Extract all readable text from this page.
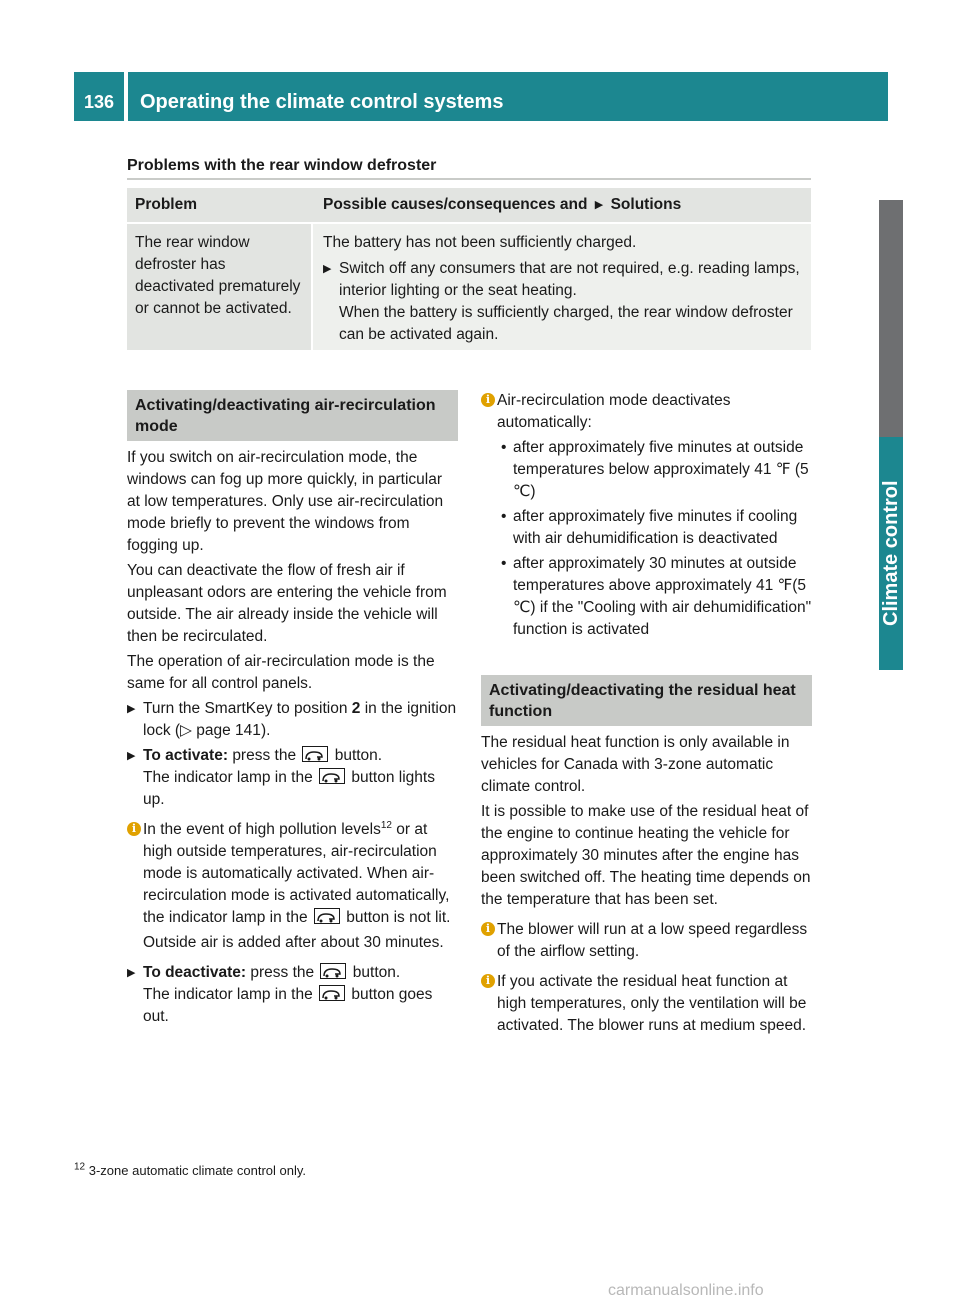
136	Operating the climate control systems
Climate control
Problems with the rear window defroster
Problem	Possible causes/consequences and ▶ Solutions
The rear window defroster has deactivated prematurely or cannot be activated.
The battery has not been sufficiently charged.
▶ Switch off any consumers that are not required, e.g. reading lamps, interior lighting or the seat heating.
When the battery is sufficiently charged, the rear window defroster can be activated again.
Activating/deactivating air-recirculation mode

If you switch on air-recirculation mode, the windows can fog up more quickly, in particular at low temperatures. Only use air-recirculation mode briefly to prevent the windows from fogging up.

You can deactivate the flow of fresh air if unpleasant odors are entering the vehicle from outside. The air already inside the vehicle will then be recirculated.

The operation of air-recirculation mode is the same for all control panels.

▶ Turn the SmartKey to position 2 in the ignition lock (▷ page 141).
▶ To activate: press the button.
The indicator lamp in the button lights up.
i In the event of high pollution levels$^{12}$ or at high outside temperatures, air-recirculation mode is automatically activated. When air-recirculation mode is activated automatically, the indicator lamp in the button is not lit.

Outside air is added after about 30 minutes.

▶ To deactivate: press the button.
The indicator lamp in the button goes out.
i Air-recirculation mode deactivates automatically:

• after approximately five minutes at outside temperatures below approximately 41 ℉ (5 ℃)
• after approximately five minutes if cooling with air dehumidification is deactivated
• after approximately 30 minutes at outside temperatures above approximately 41 ℉(5 ℃) if the "Cooling with air dehumidification" function is activated
Activating/deactivating the residual heat function

The residual heat function is only available in vehicles for Canada with 3-zone automatic climate control.

It is possible to make use of the residual heat of the engine to continue heating the vehicle for approximately 30 minutes after the engine has been switched off. The heating time depends on the temperature that has been set.

i The blower will run at a low speed regardless of the airflow setting.

i If you activate the residual heat function at high temperatures, only the ventilation will be activated. The blower runs at medium speed.

$^{12}$ 3-zone automatic climate control only.
carmanualsonline.info
